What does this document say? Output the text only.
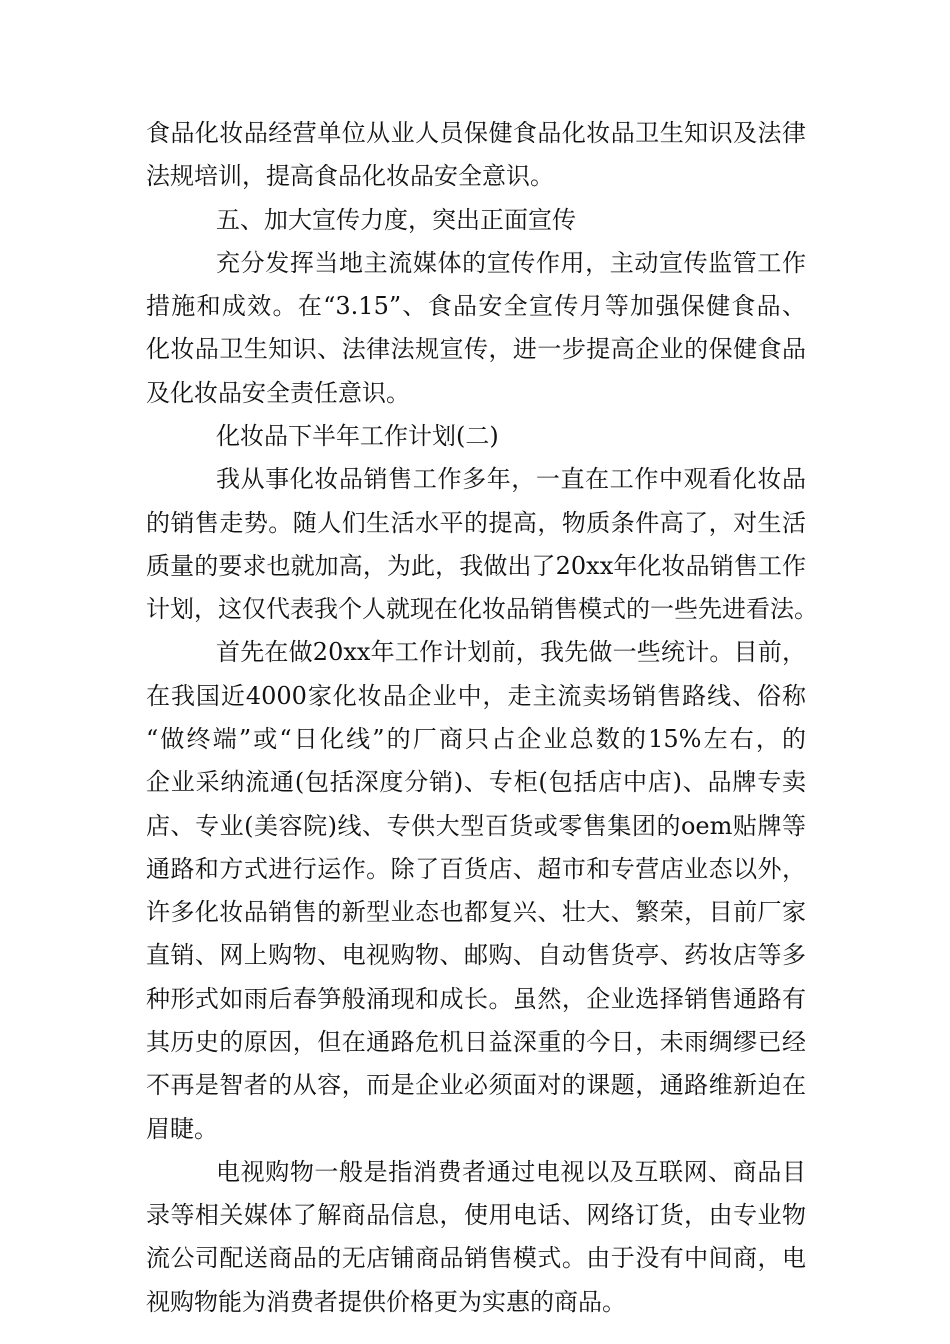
食品化妆品经营单位从业人员保健食品化妆品卫生知识及法律
法规培训，提高食品化妆品安全意识。
五、加大宣传力度，突出正面宣传
充分发挥当地主流媒体的宣传作用，主动宣传监管工作
措施和成效。在“3.15”、食品安全宣传月等加强保健食品、
化妆品卫生知识、法律法规宣传，进一步提高企业的保健食品
及化妆品安全责任意识。
化妆品下半年工作计划(二)
我从事化妆品销售工作多年，一直在工作中观看化妆品
的销售走势。随人们生活水平的提高，物质条件高了，对生活
质量的要求也就加高，为此，我做出了20xx年化妆品销售工作
计划，这仅代表我个人就现在化妆品销售模式的一些先进看法。
首先在做20xx年工作计划前，我先做一些统计。目前，
在我国近4000家化妆品企业中，走主流卖场销售路线、俗称
“做终端”或“日化线”的厂商只占企业总数的15%左右，的
企业采纳流通(包括深度分销)、专柜(包括店中店)、品牌专卖
店、专业(美容院)线、专供大型百货或零售集团的oem贴牌等
通路和方式进行运作。除了百货店、超市和专营店业态以外，
许多化妆品销售的新型业态也都复兴、壮大、繁荣，目前厂家
直销、网上购物、电视购物、邮购、自动售货亭、药妆店等多
种形式如雨后春笋般涌现和成长。虽然，企业选择销售通路有
其历史的原因，但在通路危机日益深重的今日，未雨绸缪已经
不再是智者的从容，而是企业必须面对的课题，通路维新迫在
眉睫。
电视购物一般是指消费者通过电视以及互联网、商品目
录等相关媒体了解商品信息，使用电话、网络订货，由专业物
流公司配送商品的无店铺商品销售模式。由于没有中间商，电
视购物能为消费者提供价格更为实惠的商品。
